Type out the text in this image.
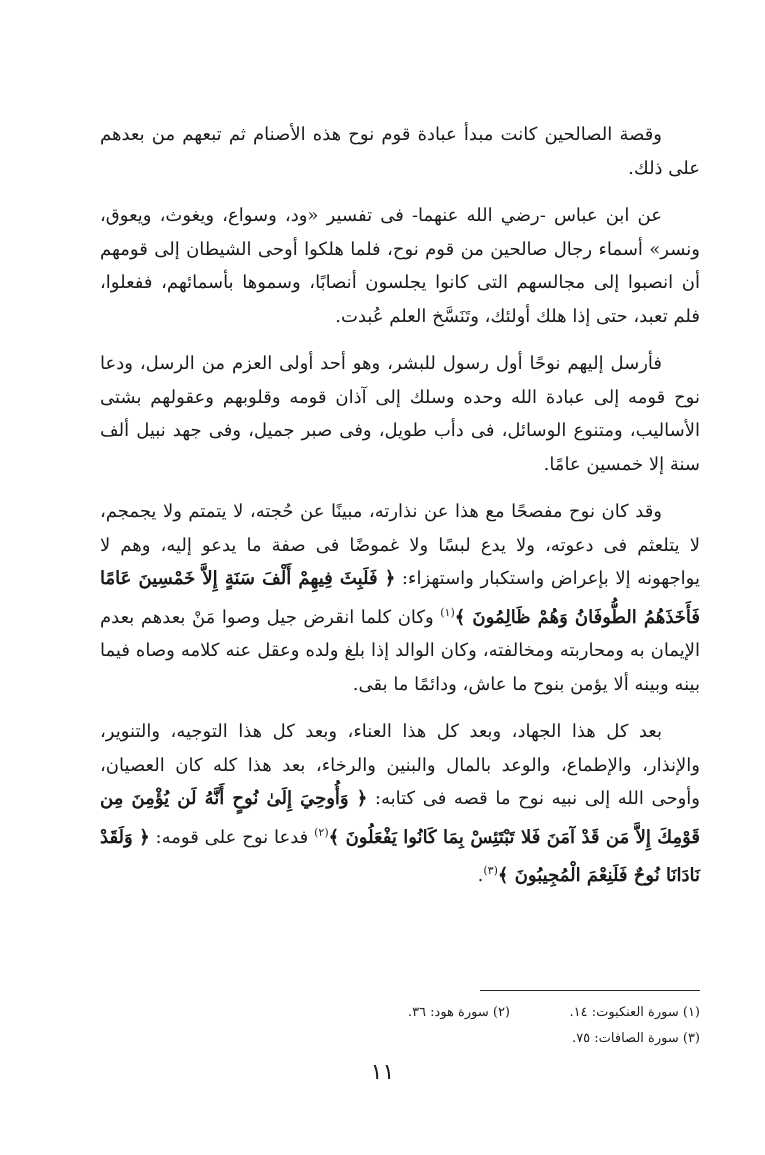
وقصة الصالحين كانت مبدأ عبادة قوم نوح هذه الأصنام ثم تبعهم من بعدهم على ذلك.

عن ابن عباس -رضي الله عنهما- فى تفسير «ود، وسواع، ويغوث، ويعوق، ونسر» أسماء رجال صالحين من قوم نوح، فلما هلكوا أوحى الشيطان إلى قومهم أن انصبوا إلى مجالسهم التى كانوا يجلسون أنصابًا، وسموها بأسمائهم، ففعلوا، فلم تعبد، حتى إذا هلك أولئك، وتَنَسَّخ العلم عُبدت.

فأرسل إليهم نوحًا أول رسول للبشر، وهو أحد أولى العزم من الرسل، ودعا نوح قومه إلى عبادة الله وحده وسلك إلى آذان قومه وقلوبهم وعقولهم بشتى الأساليب، ومتنوع الوسائل، فى دأب طويل، وفى صبر جميل، وفى جهد نبيل ألف سنة إلا خمسين عامًا.

وقد كان نوح مفصحًا مع هذا عن نذارته، مبينًا عن حُجته، لا يتمتم ولا يجمجم، لا يتلعثم فى دعوته، ولا يدع لبسًا ولا غموضًا فى صفة ما يدعو إليه، وهم لا يواجهونه إلا بإعراض واستكبار واستهزاء: ﴿ فَلَبِثَ فِيهِمْ أَلْفَ سَنَةٍ إِلاَّ خَمْسِينَ عَامًا فَأَخَذَهُمُ الطُّوفَانُ وَهُمْ ظَالِمُونَ ﴾$^{(١)}$ وكان كلما انقرض جيل وصوا مَنْ بعدهم بعدم الإيمان به ومحاربته ومخالفته، وكان الوالد إذا بلغ ولده وعقل عنه كلامه وصاه فيما بينه وبينه ألا يؤمن بنوح ما عاش، ودائمًا ما بقى.

بعد كل هذا الجهاد، وبعد كل هذا العناء، وبعد كل هذا التوجيه، والتنوير، والإنذار، والإطماع، والوعد بالمال والبنين والرخاء، بعد هذا كله كان العصيان، وأوحى الله إلى نبيه نوح ما قصه فى كتابه: ﴿ وَأُوحِيَ إِلَىٰ نُوحٍ أَنَّهُ لَن يُؤْمِنَ مِن قَوْمِكَ إِلاَّ مَن قَدْ آمَنَ فَلا تَبْتَئِسْ بِمَا كَانُوا يَفْعَلُونَ ﴾$^{(٢)}$ فدعا نوح على قومه: ﴿ وَلَقَدْ نَادَانَا نُوحٌ فَلَنِعْمَ الْمُجِيبُونَ ﴾$^{(٣)}$.

(١) سورة العنكبوت: ١٤.
(٢) سورة هود: ٣٦.
(٣) سورة الصافات: ٧٥.
١١
